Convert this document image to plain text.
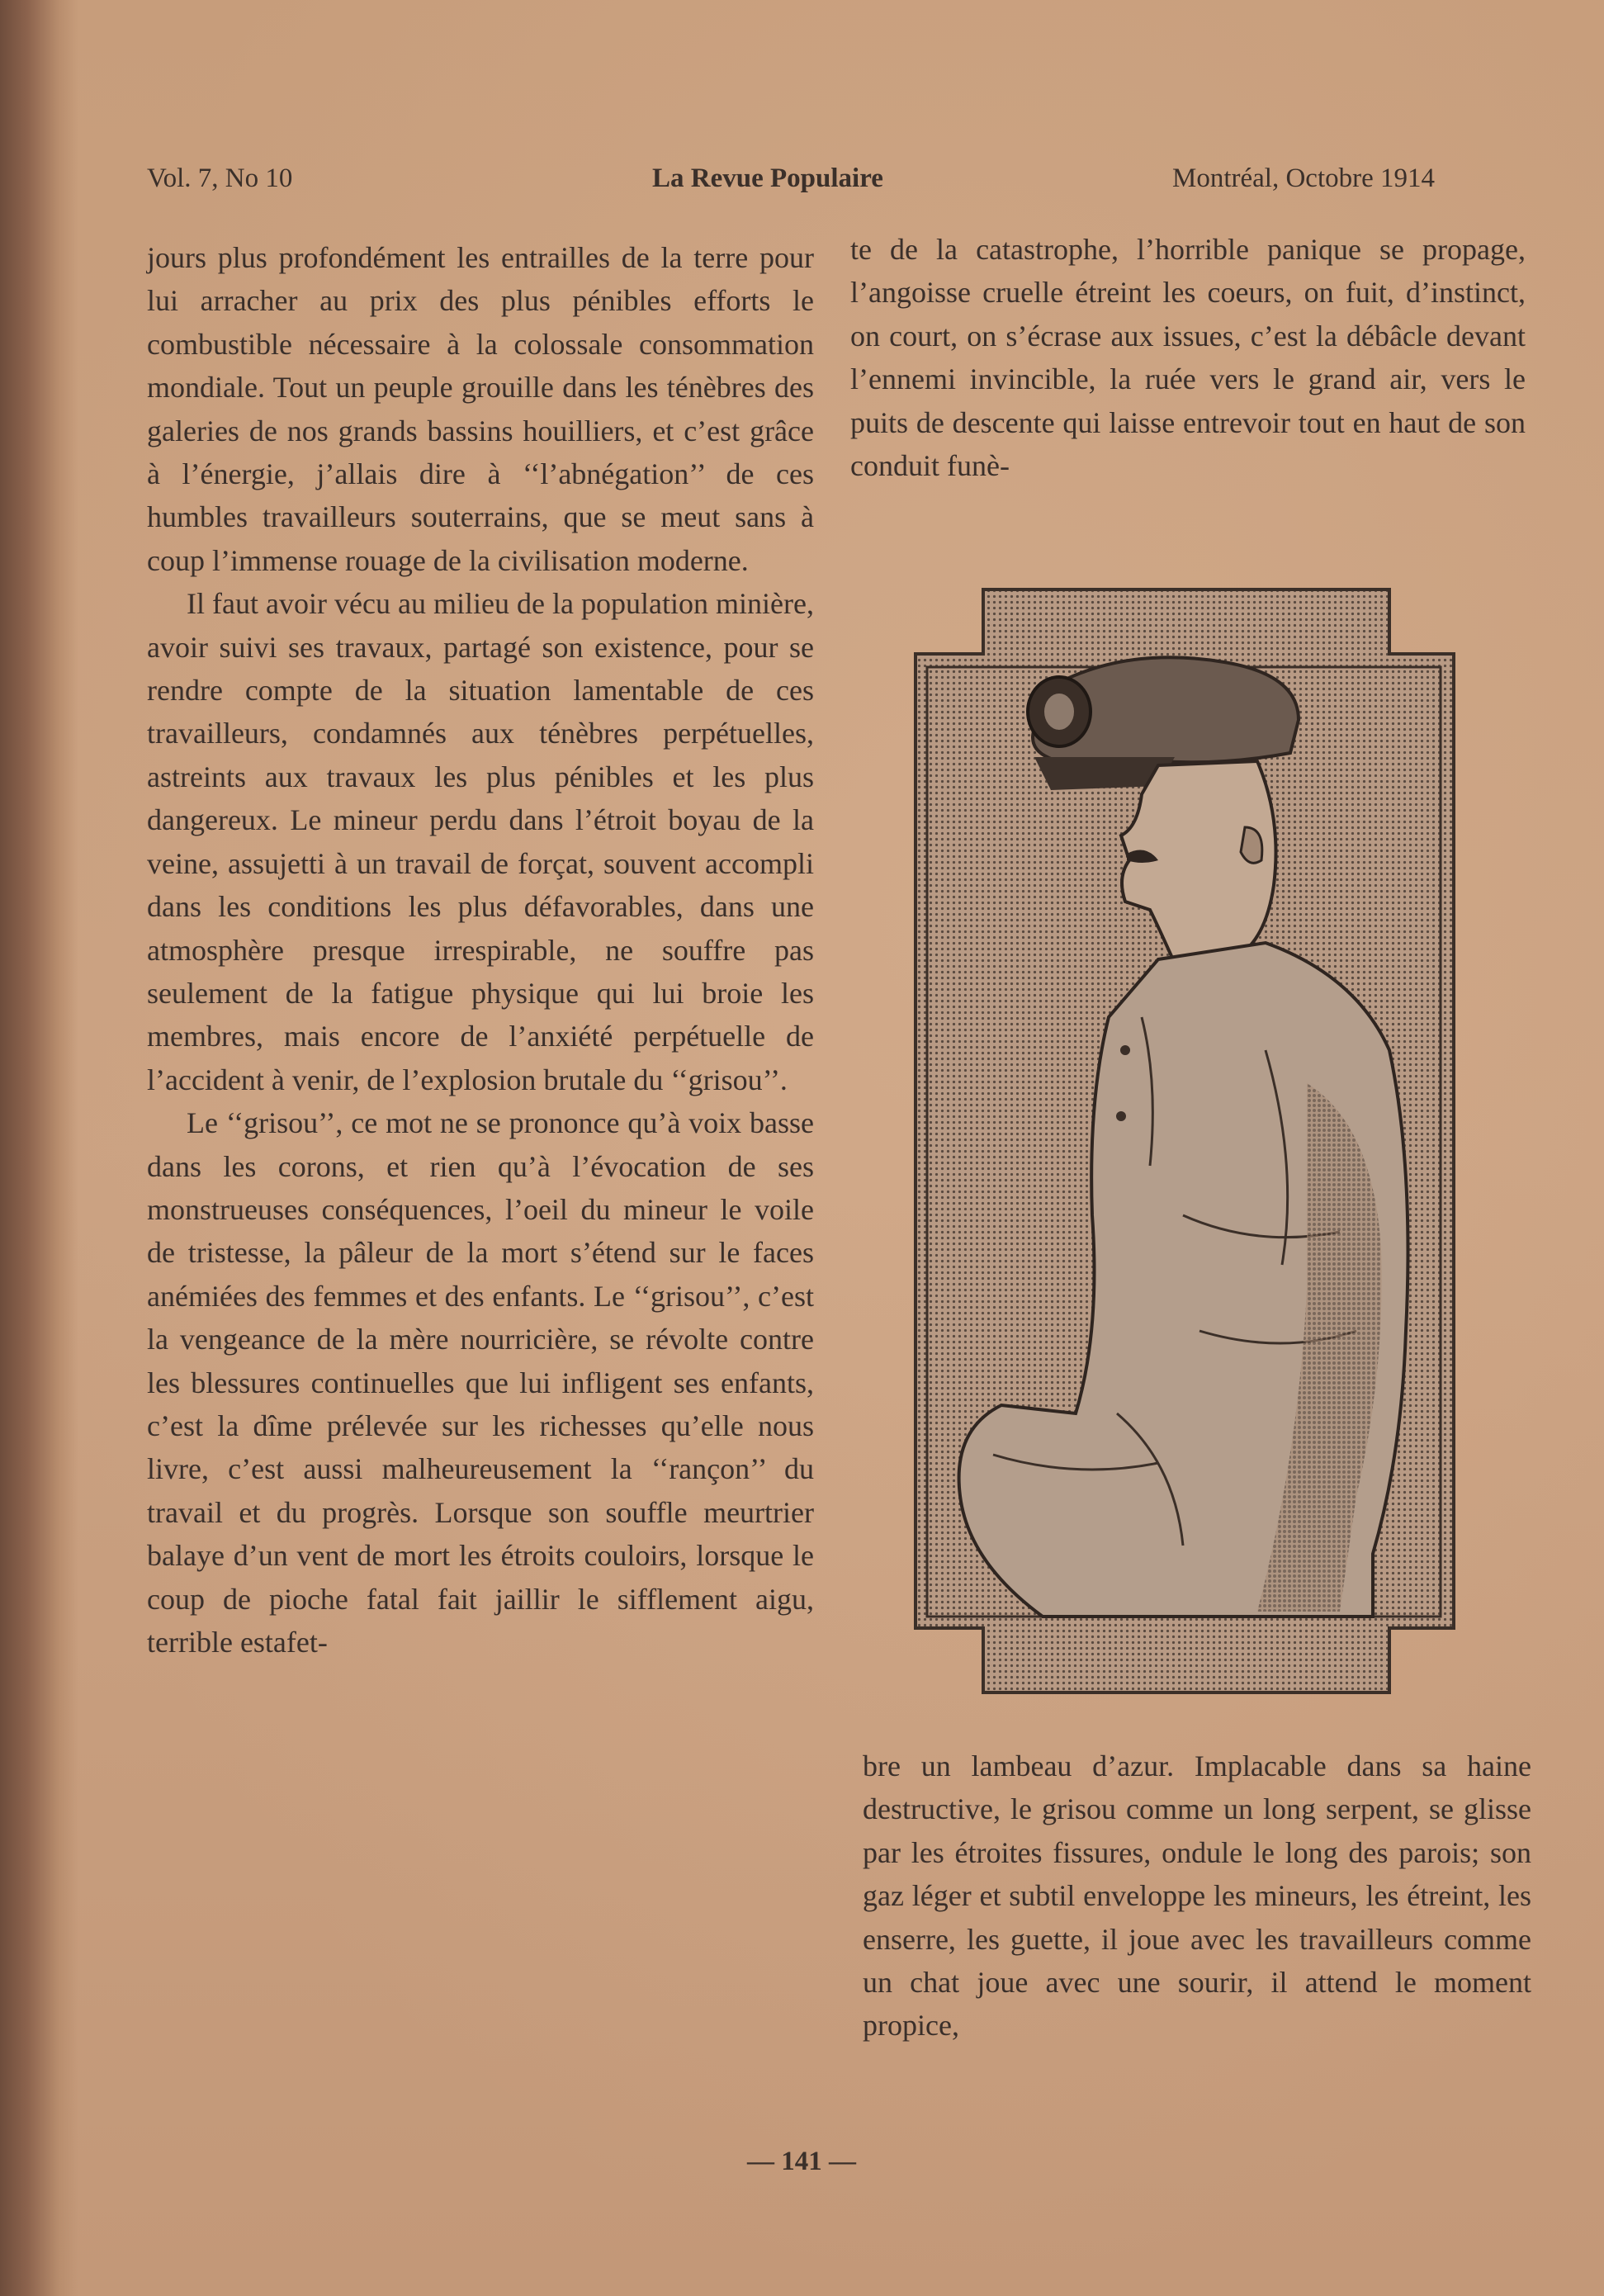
Vol. 7, No 10	La Revue Populaire	Montréal, Octobre 1914

jours plus profondément les entrailles de la terre pour lui arracher au prix des plus pénibles efforts le combustible nécessaire à la colossale consommation mondiale. Tout un peuple grouille dans les ténèbres des galeries de nos grands bassins houilliers, et c’est grâce à l’énergie, j’allais dire à ‘‘l’abnégation’’ de ces humbles travailleurs souterrains, que se meut sans à coup l’immense rouage de la civilisation moderne.

Il faut avoir vécu au milieu de la population minière, avoir suivi ses travaux, partagé son existence, pour se rendre compte de la situation lamentable de ces travailleurs, condamnés aux ténèbres perpétuelles, astreints aux travaux les plus pénibles et les plus dangereux. Le mineur perdu dans l’étroit boyau de la veine, assujetti à un travail de forçat, souvent accompli dans les conditions les plus défavorables, dans une atmosphère presque irrespirable, ne souffre pas seulement de la fatigue physique qui lui broie les membres, mais encore de l’anxiété perpétuelle de l’accident à venir, de l’explosion brutale du ‘‘grisou’’.

Le ‘‘grisou’’, ce mot ne se prononce qu’à voix basse dans les corons, et rien qu’à l’évocation de ses monstrueuses conséquences, l’oeil du mineur le voile de tristesse, la pâleur de la mort s’étend sur le faces anémiées des femmes et des enfants. Le ‘‘grisou’’, c’est la vengeance de la mère nourricière, se révolte contre les blessures continuelles que lui infligent ses enfants, c’est la dîme prélevée sur les richesses qu’elle nous livre, c’est aussi malheureusement la ‘‘rançon’’ du travail et du progrès. Lorsque son souffle meurtrier balaye d’un vent de mort les étroits couloirs, lorsque le coup de pioche fatal fait jaillir le sifflement aigu, terrible estafet-

te de la catastrophe, l’horrible panique se propage, l’angoisse cruelle étreint les coeurs, on fuit, d’instinct, on court, on s’écrase aux issues, c’est la débâcle devant l’ennemi invincible, la ruée vers le grand air, vers le puits de descente qui laisse entrevoir tout en haut de son conduit funè-

bre un lambeau d’azur. Implacable dans sa haine destructive, le grisou comme un long serpent, se glisse par les étroites fissures, ondule le long des parois; son gaz léger et subtil enveloppe les mineurs, les étreint, les enserre, les guette, il joue avec les travailleurs comme un chat joue avec une sourir, il attend le moment propice,

— 141 —
